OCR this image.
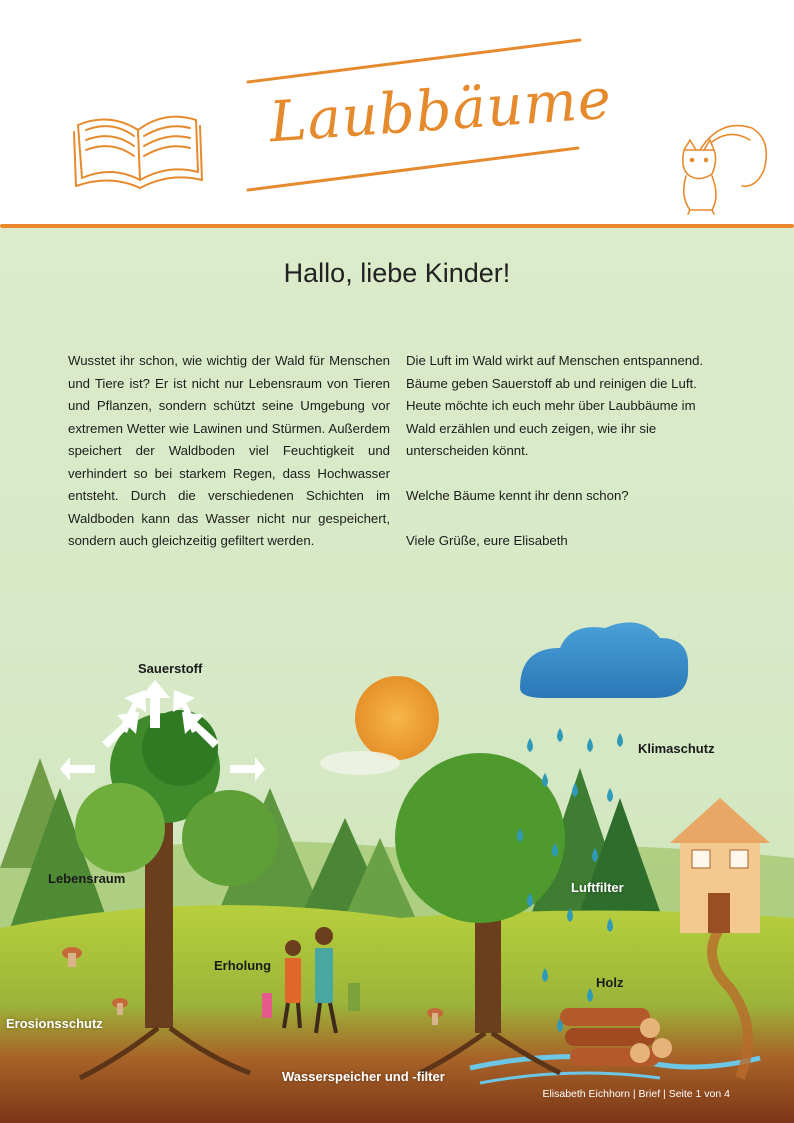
Laubbäume
Hallo, liebe Kinder!

Wusstet ihr schon, wie wichtig der Wald für Menschen und Tiere ist? Er ist nicht nur Lebensraum von Tieren und Pflanzen, sondern schützt seine Umgebung vor extremen Wetter wie Lawinen und Stürmen. Außerdem speichert der Waldboden viel Feuchtigkeit und verhindert so bei starkem Regen, dass Hochwasser entsteht. Durch die verschiedenen Schichten im Waldboden kann das Wasser nicht nur gespeichert, sondern auch gleichzeitig gefiltert werden.

Die Luft im Wald wirkt auf Menschen entspannend. Bäume geben Sauerstoff ab und reinigen die Luft. Heute möchte ich euch mehr über Laubbäume im Wald erzählen und euch zeigen, wie ihr sie unterscheiden könnt.

Welche Bäume kennt ihr denn schon?

Viele Grüße, eure Elisabeth

Sauerstoff
Klimaschutz
Lebensraum
Luftfilter
Erholung
Holz
Erosionsschutz
Wasserspeicher und -filter
Elisabeth Eichhorn | Brief | Seite 1 von 4
